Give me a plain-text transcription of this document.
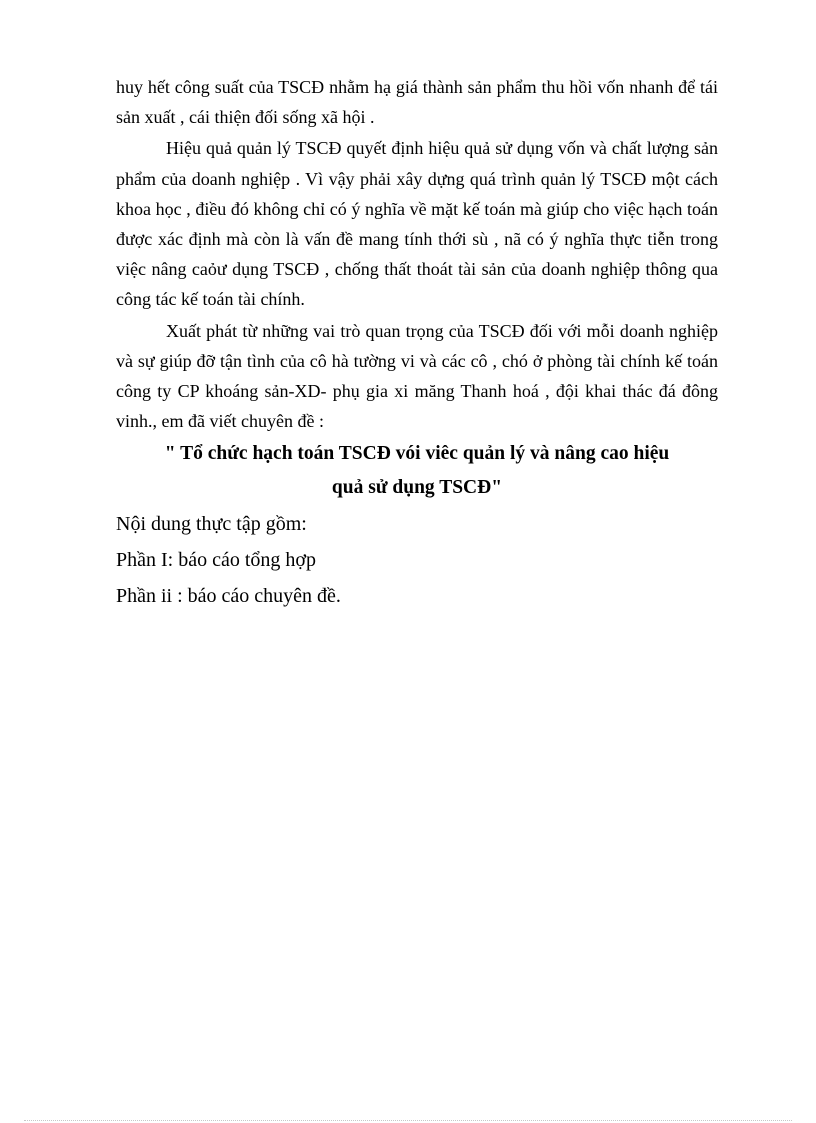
huy hết công suất của TSCĐ nhằm hạ giá thành sản phẩm thu hồi vốn nhanh để tái sản xuất , cái thiện đối sống xã hội .

Hiệu quả quản lý TSCĐ quyết định hiệu quả sử dụng vốn và chất lượng sản phẩm của doanh nghiệp . Vì vậy phải xây dựng quá trình quản lý TSCĐ một cách khoa học , điều đó không chỉ có ý nghĩa về mặt kế toán mà giúp cho việc hạch toán được xác định mà còn là vấn đề mang tính thới sù , nã có ý nghĩa thực tiễn trong việc nâng caỏư dụng TSCĐ , chống thất thoát tài sản của doanh nghiệp thông qua công tác kế toán tài chính.

Xuất phát từ những vai trò quan trọng của TSCĐ đối với mỗi doanh nghiệp và sự giúp đỡ tận tình của cô hà tường vi và các cô , chó ở phòng tài chính kế toán công ty CP khoáng sản-XD- phụ gia xi măng Thanh hoá , đội khai thác đá đông vinh., em đã viết chuyên đề :

" Tổ chức hạch toán TSCĐ vói viêc quản lý và nâng cao hiệu

quả sử dụng TSCĐ"

Nội dung thực tập gồm:

Phần I: báo cáo tổng hợp

Phần ii : báo cáo chuyên đề.
